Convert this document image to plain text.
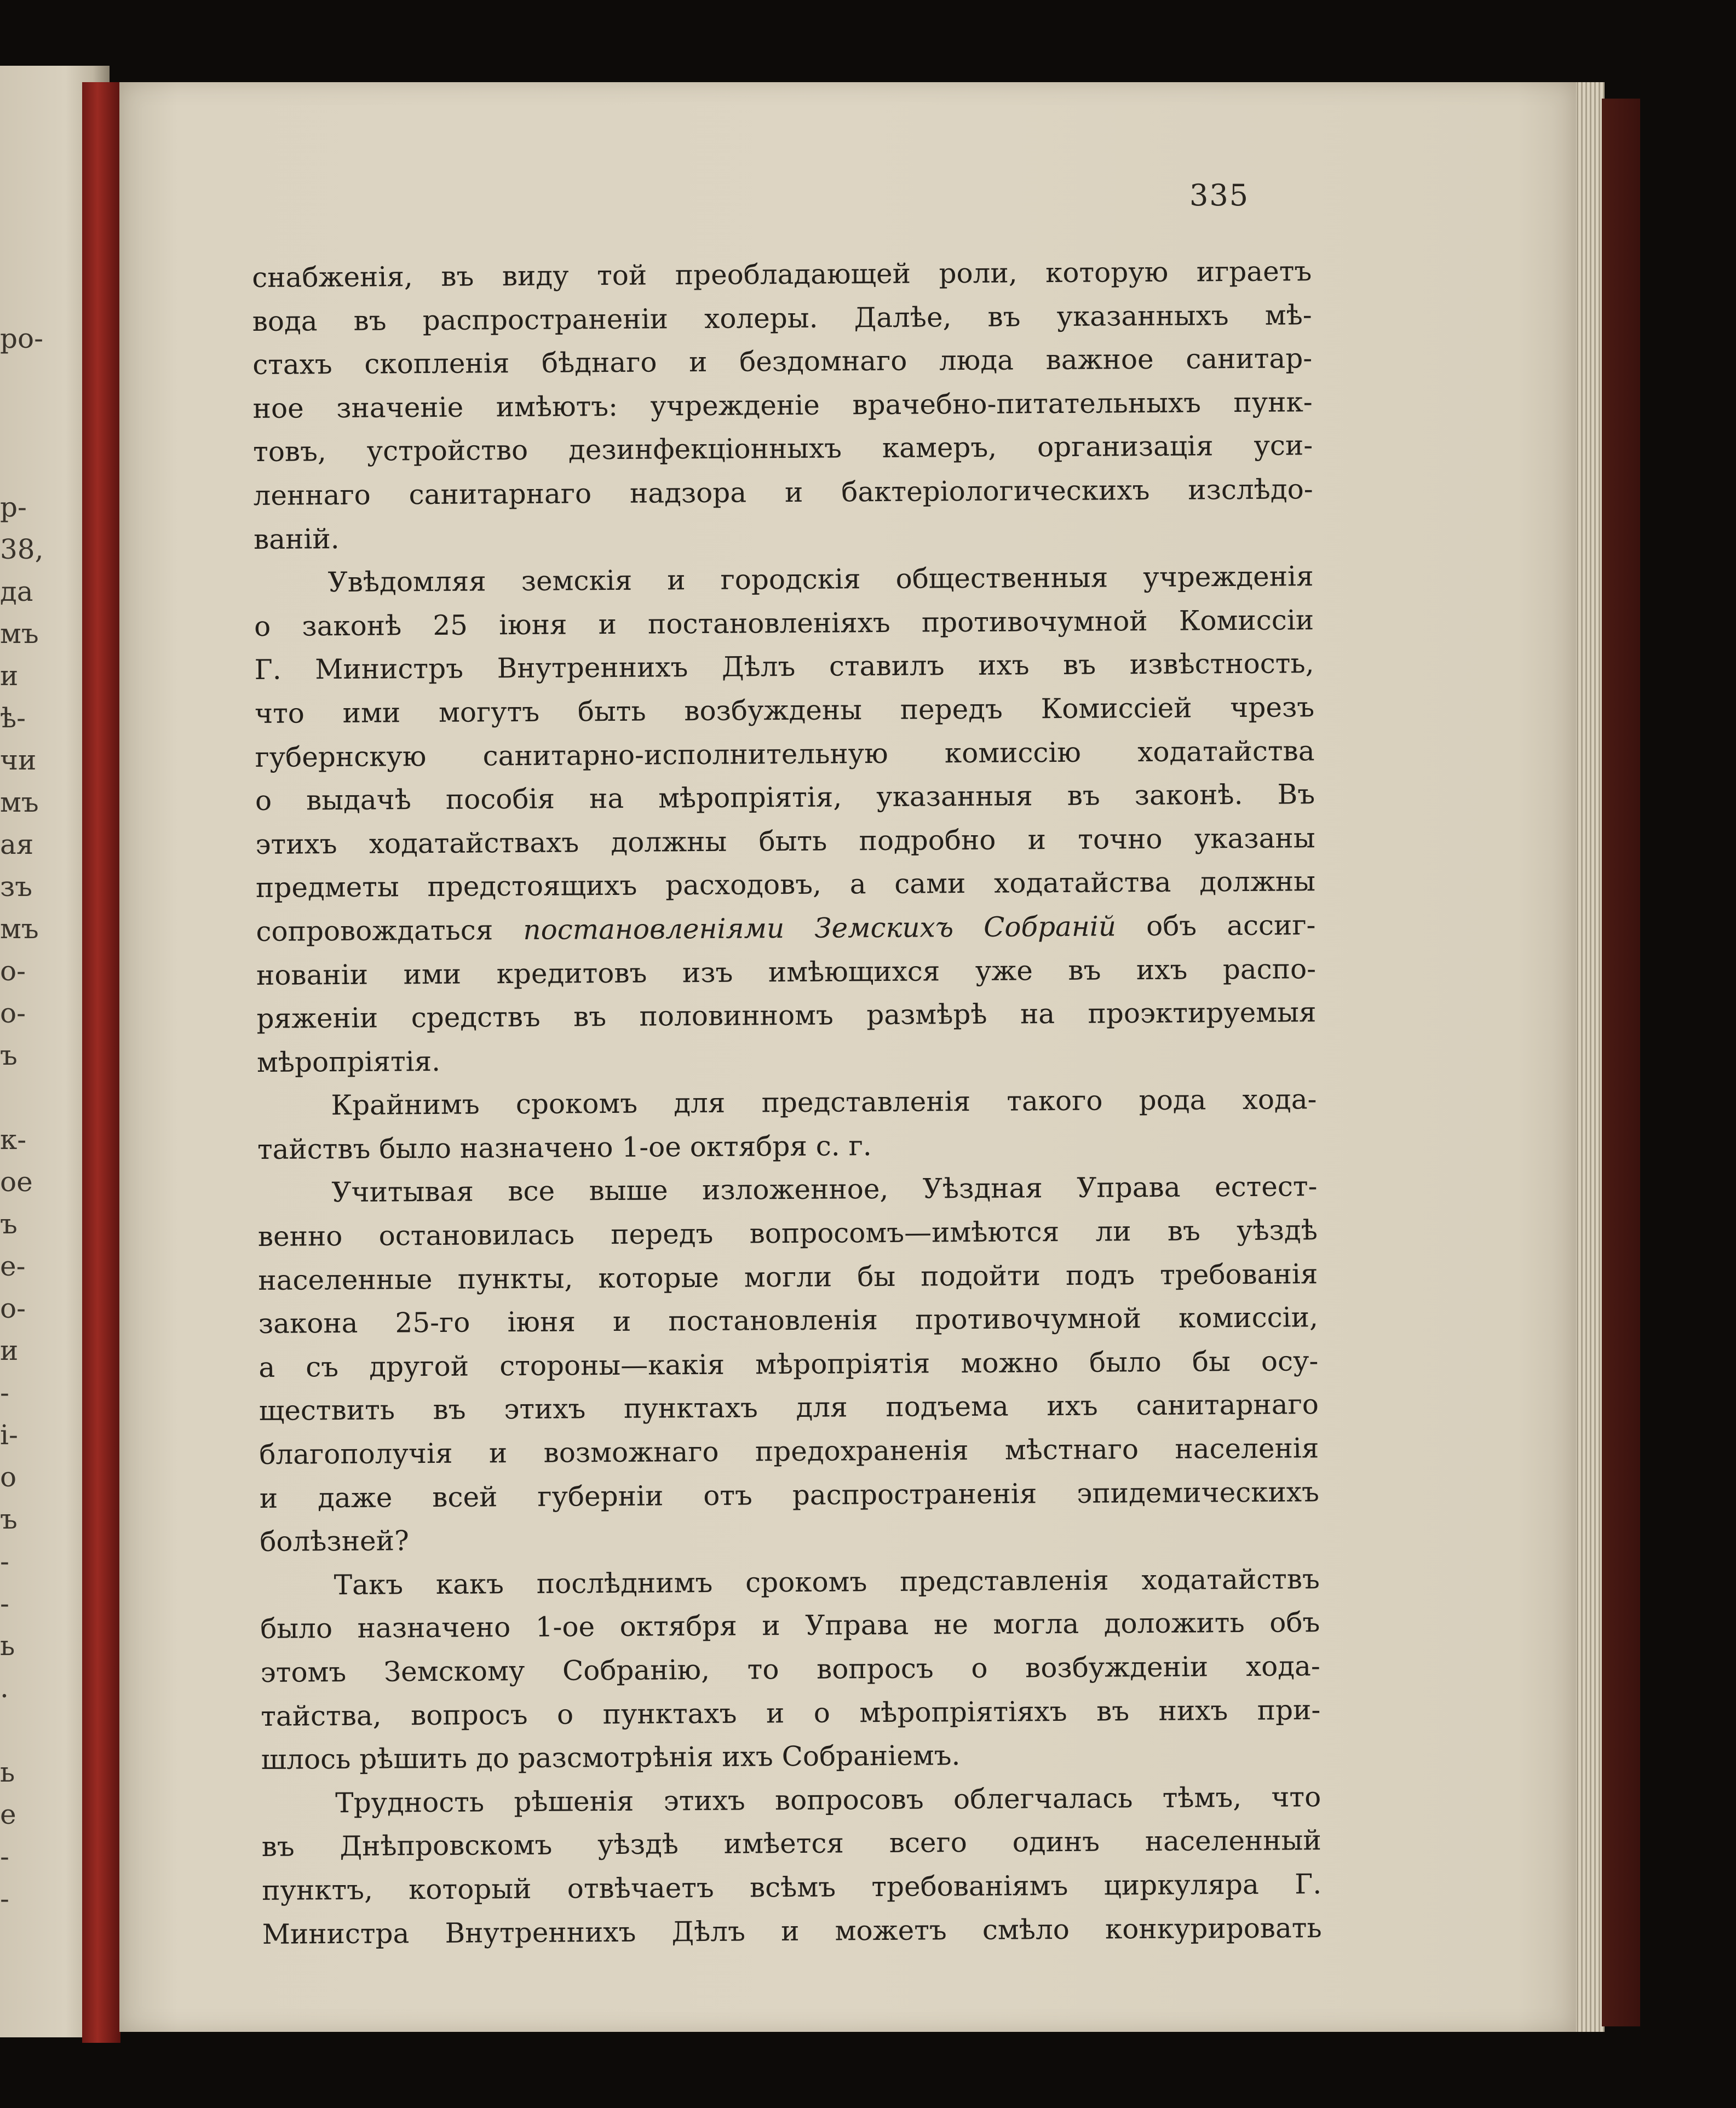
ро-
р-
38,
да
мъ
и
ѣ-
чи
мъ
ая
зъ
мъ
о-
о-
ъ
к-
ое
ъ
е-
о-
и
-
і-
о
ъ
-
-
ь
.
ь
е
-
-
335
снабженія, въ виду той преобладающей роли, которую играетъ
вода въ распространеніи холеры. Далѣе, въ указанныхъ мѣ-
стахъ скопленія бѣднаго и бездомнаго люда важное санитар-
ное значеніе имѣютъ: учрежденіе врачебно-питательныхъ пунк-
товъ, устройство дезинфекціонныхъ камеръ, организація уси-
леннаго санитарнаго надзора и бактеріологическихъ изслѣдо-
ваній.
Увѣдомляя земскія и городскія общественныя учрежденія
о законѣ 25 іюня и постановленіяхъ противочумной Комиссіи
Г. Министръ Внутреннихъ Дѣлъ ставилъ ихъ въ извѣстность,
что ими могутъ быть возбуждены передъ Комиссіей чрезъ
губернскую санитарно-исполнительную комиссію ходатайства
о выдачѣ пособія на мѣропріятія, указанныя въ законѣ. Въ
этихъ ходатайствахъ должны быть подробно и точно указаны
предметы предстоящихъ расходовъ, а сами ходатайства должны
сопровождаться постановленіями Земскихъ Собраній объ ассиг-
нованіи ими кредитовъ изъ имѣющихся уже въ ихъ распо-
ряженіи средствъ въ половинномъ размѣрѣ на проэктируемыя
мѣропріятія.
Крайнимъ срокомъ для представленія такого рода хода-
тайствъ было назначено 1-ое октября с. г.
Учитывая все выше изложенное, Уѣздная Управа естест-
венно остановилась передъ вопросомъ—имѣются ли въ уѣздѣ
населенные пункты, которые могли бы подойти подъ требованія
закона 25-го іюня и постановленія противочумной комиссіи,
а съ другой стороны—какія мѣропріятія можно было бы осу-
ществить въ этихъ пунктахъ для подъема ихъ санитарнаго
благополучія и возможнаго предохраненія мѣстнаго населенія
и даже всей губерніи отъ распространенія эпидемическихъ
болѣзней?
Такъ какъ послѣднимъ срокомъ представленія ходатайствъ
было назначено 1-ое октября и Управа не могла доложить объ
этомъ Земскому Собранію, то вопросъ о возбужденіи хода-
тайства, вопросъ о пунктахъ и о мѣропріятіяхъ въ нихъ при-
шлось рѣшить до разсмотрѣнія ихъ Собраніемъ.
Трудность рѣшенія этихъ вопросовъ облегчалась тѣмъ, что
въ Днѣпровскомъ уѣздѣ имѣется всего одинъ населенный
пунктъ, который отвѣчаетъ всѣмъ требованіямъ циркуляра Г.
Министра Внутреннихъ Дѣлъ и можетъ смѣло конкурировать
